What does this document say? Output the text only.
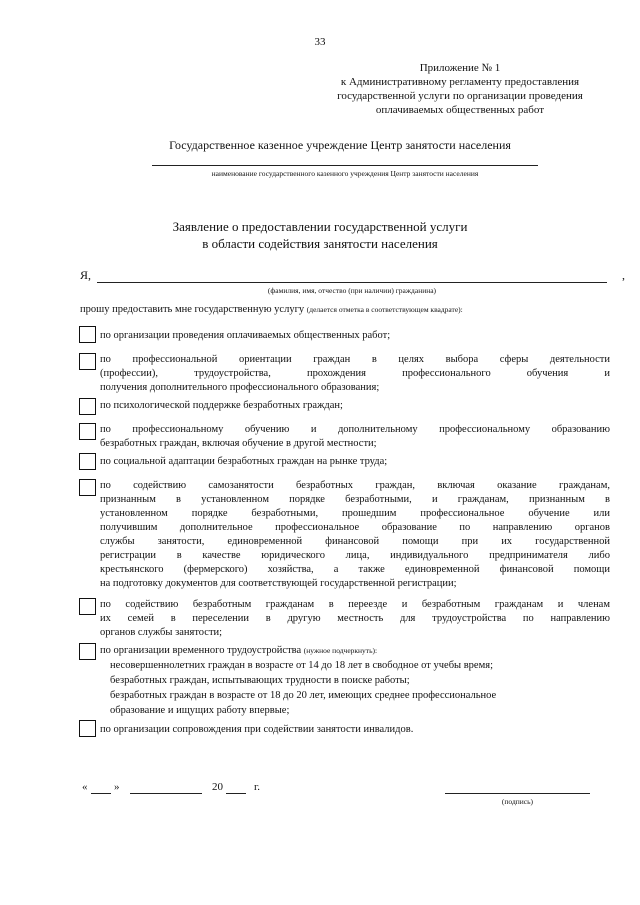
33
Приложение № 1
к Административному регламенту предоставления
государственной услуги по организации проведения
оплачиваемых общественных работ
Государственное казенное учреждение Центр занятости населения
наименование государственного казенного учреждения Центр занятости населения
Заявление о предоставлении государственной услуги
в области содействия занятости населения
Я,	,
(фамилия, имя, отчество (при наличии) гражданина)
прошу предоставить мне государственную услугу (делается отметка в соответствующем квадрате):
по организации проведения оплачиваемых общественных работ;
по профессиональной ориентации граждан в целях выбора сферы деятельности
(профессии), трудоустройства, прохождения профессионального обучения и
получения дополнительного профессионального образования;
по психологической поддержке безработных граждан;
по профессиональному обучению и дополнительному профессиональному образованию
безработных граждан, включая обучение в другой местности;
по социальной адаптации безработных граждан на рынке труда;
по содействию самозанятости безработных граждан, включая оказание гражданам,
признанным в установленном порядке безработными, и гражданам, признанным в
установленном порядке безработными, прошедшим профессиональное обучение или
получившим дополнительное профессиональное образование по направлению органов
службы занятости, единовременной финансовой помощи при их государственной
регистрации в качестве юридического лица, индивидуального предпринимателя либо
крестьянского (фермерского) хозяйства, а также единовременной финансовой помощи
на подготовку документов для соответствующей государственной регистрации;
по содействию безработным гражданам в переезде и безработным гражданам и членам
их семей в переселении в другую местность для трудоустройства по направлению
органов службы занятости;
по организации временного трудоустройства (нужное подчеркнуть):
несовершеннолетних граждан в возрасте от 14 до 18 лет в свободное от учебы время;
безработных граждан, испытывающих трудности в поиске работы;
безработных граждан в возрасте от 18 до 20 лет, имеющих среднее профессиональное
образование и ищущих работу впервые;
по организации сопровождения при содействии занятости инвалидов.
« »	20	г.
(подпись)
